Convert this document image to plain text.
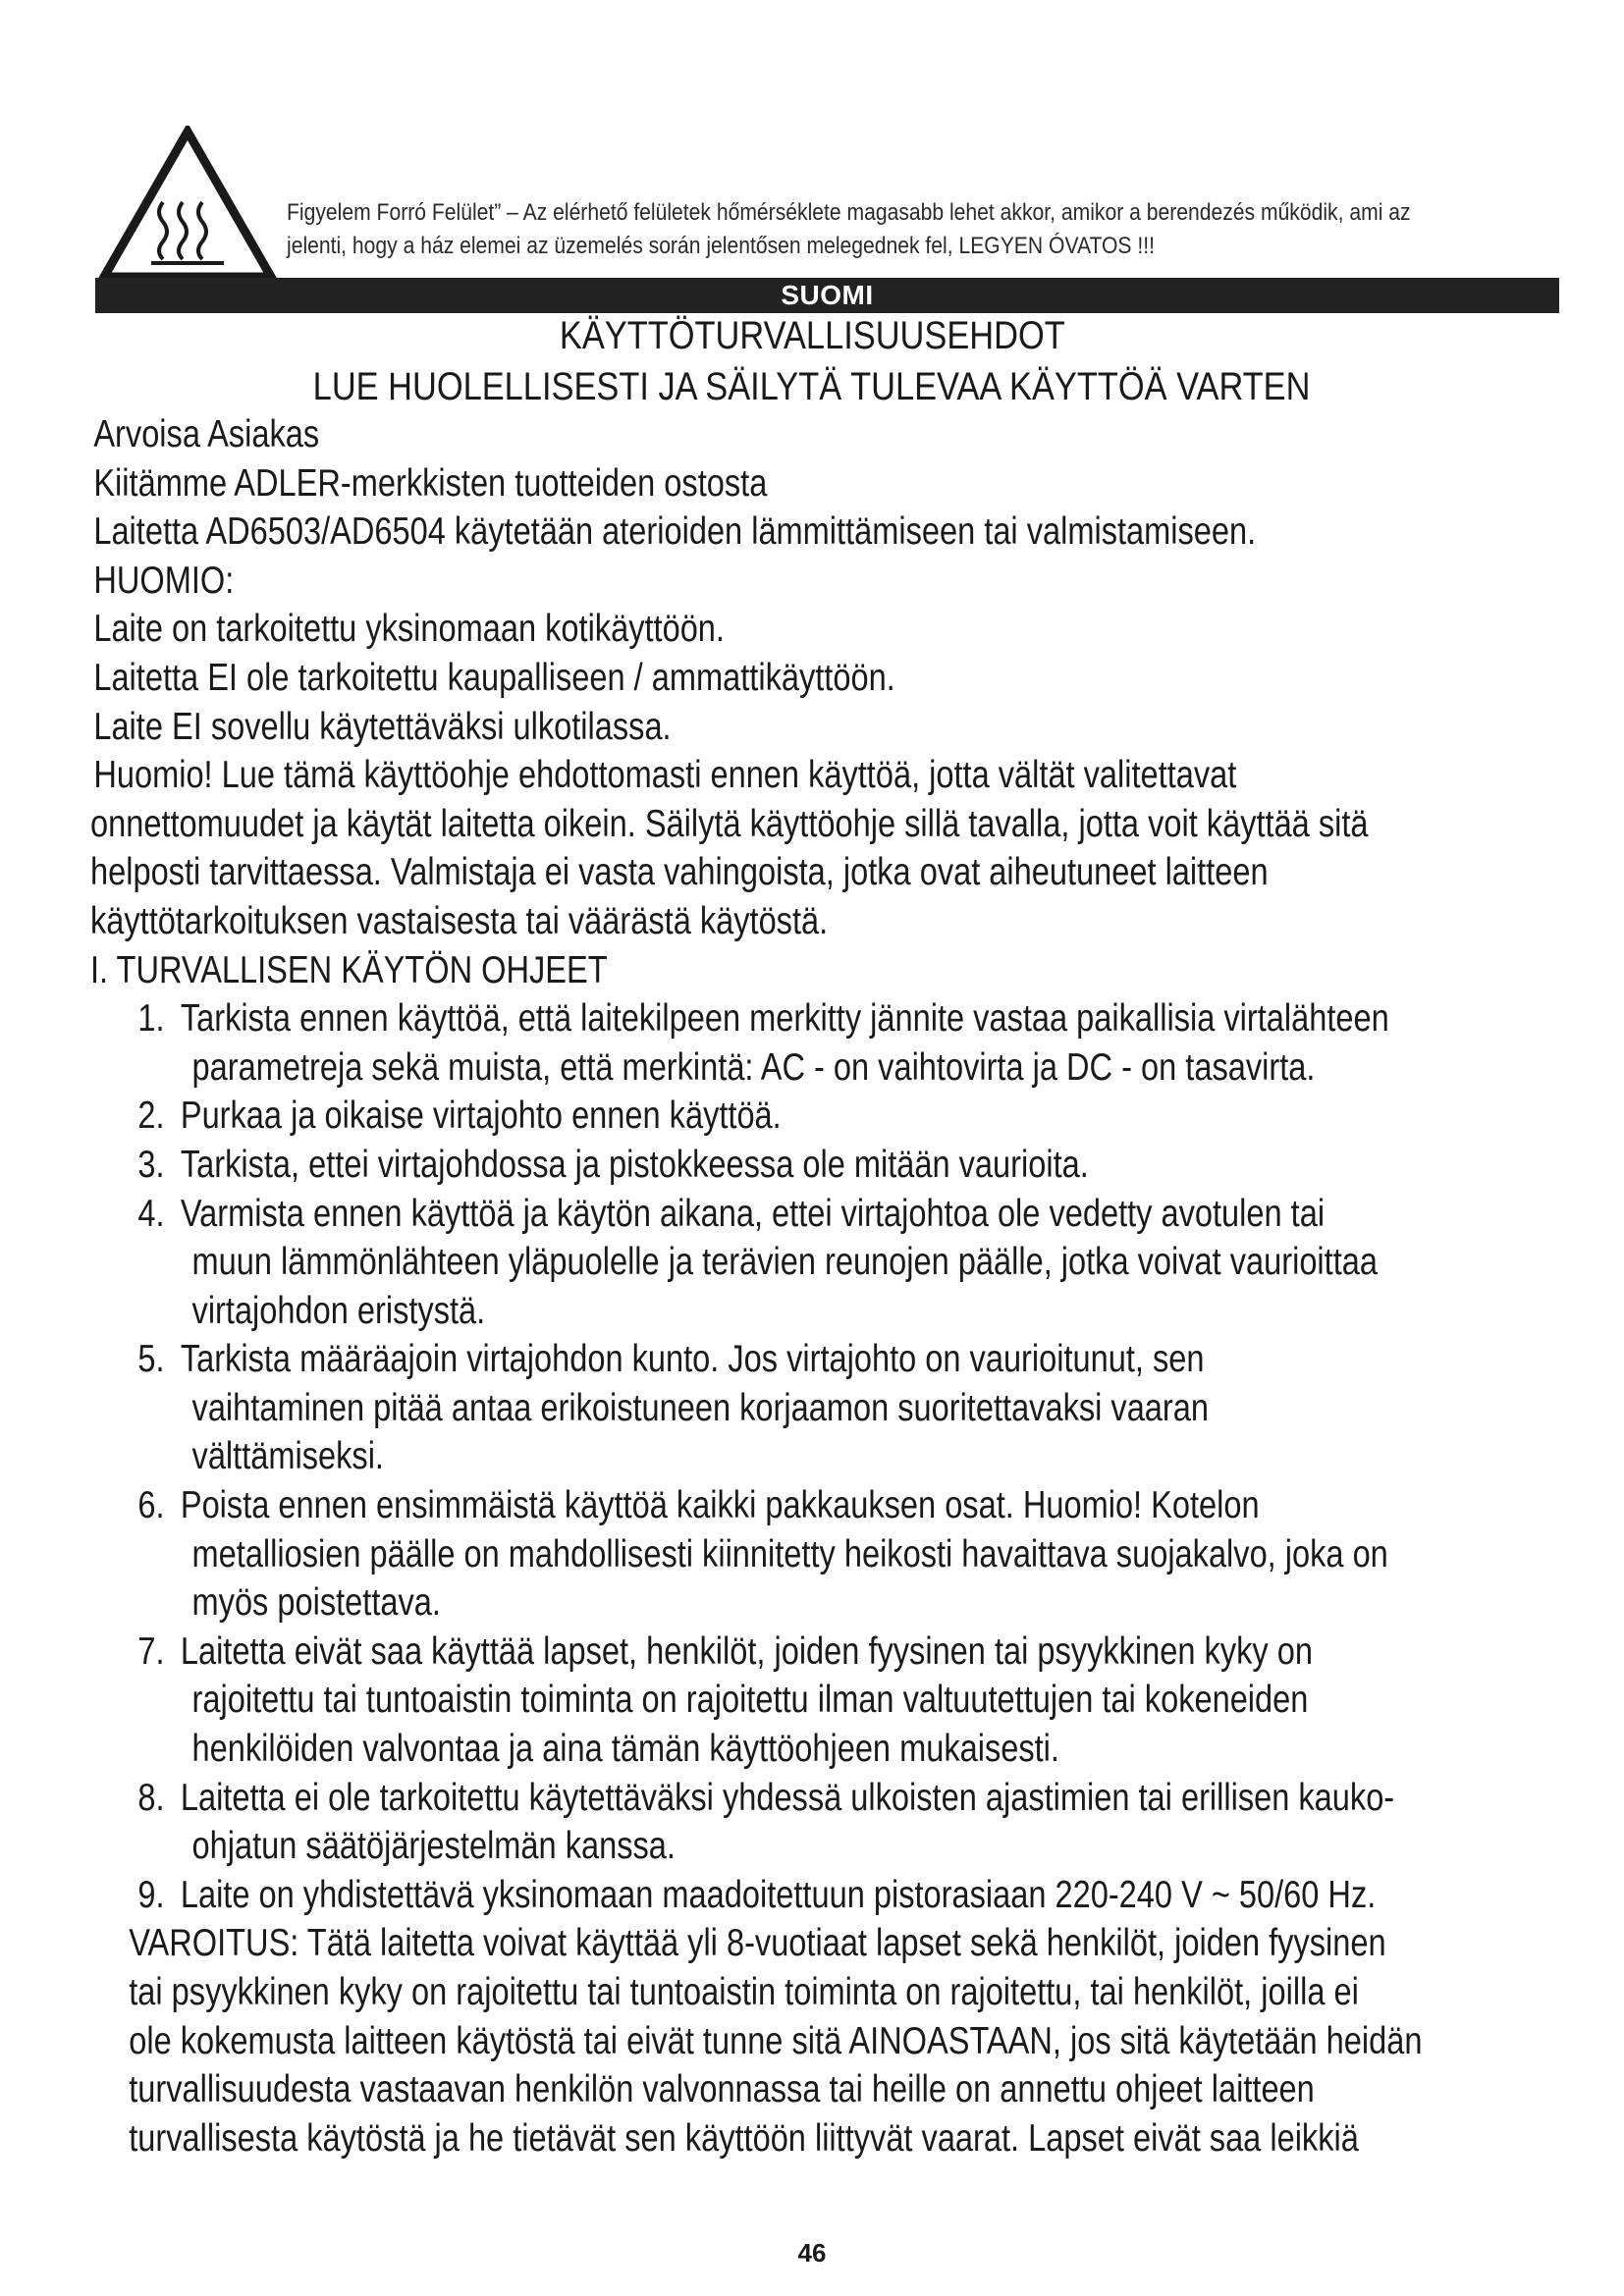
Figyelem Forró Felület” – Az elérhető felületek hőmérséklete magasabb lehet akkor, amikor a berendezés működik, ami az
jelenti, hogy a ház elemei az üzemelés során jelentősen melegednek fel, LEGYEN ÓVATOS !!!
SUOMI
KÄYTTÖTURVALLISUUSEHDOT
LUE HUOLELLISESTI JA SÄILYTÄ TULEVAA KÄYTTÖÄ VARTEN

Arvoisa Asiakas

Kiitämme ADLER-merkkisten tuotteiden ostosta

Laitetta AD6503/AD6504 käytetään aterioiden lämmittämiseen tai valmistamiseen.

HUOMIO:

Laite on tarkoitettu yksinomaan kotikäyttöön.

Laitetta EI ole tarkoitettu kaupalliseen / ammattikäyttöön.

Laite EI sovellu käytettäväksi ulkotilassa.

Huomio! Lue tämä käyttöohje ehdottomasti ennen käyttöä, jotta vältät valitettavat

onnettomuudet ja käytät laitetta oikein. Säilytä käyttöohje sillä tavalla, jotta voit käyttää sitä

helposti tarvittaessa. Valmistaja ei vasta vahingoista, jotka ovat aiheutuneet laitteen

käyttötarkoituksen vastaisesta tai väärästä käytöstä.

I. TURVALLISEN KÄYTÖN OHJEET

1. Tarkista ennen käyttöä, että laitekilpeen merkitty jännite vastaa paikallisia virtalähteen
parametreja sekä muista, että merkintä: AC - on vaihtovirta ja DC - on tasavirta.
2. Purkaa ja oikaise virtajohto ennen käyttöä.
3. Tarkista, ettei virtajohdossa ja pistokkeessa ole mitään vaurioita.
4. Varmista ennen käyttöä ja käytön aikana, ettei virtajohtoa ole vedetty avotulen tai
muun lämmönlähteen yläpuolelle ja terävien reunojen päälle, jotka voivat vaurioittaa
virtajohdon eristystä.
5. Tarkista määräajoin virtajohdon kunto. Jos virtajohto on vaurioitunut, sen
vaihtaminen pitää antaa erikoistuneen korjaamon suoritettavaksi vaaran
välttämiseksi.
6. Poista ennen ensimmäistä käyttöä kaikki pakkauksen osat. Huomio! Kotelon
metalliosien päälle on mahdollisesti kiinnitetty heikosti havaittava suojakalvo, joka on
myös poistettava.
7. Laitetta eivät saa käyttää lapset, henkilöt, joiden fyysinen tai psyykkinen kyky on
rajoitettu tai tuntoaistin toiminta on rajoitettu ilman valtuutettujen tai kokeneiden
henkilöiden valvontaa ja aina tämän käyttöohjeen mukaisesti.
8. Laitetta ei ole tarkoitettu käytettäväksi yhdessä ulkoisten ajastimien tai erillisen kauko-
ohjatun säätöjärjestelmän kanssa.
9. Laite on yhdistettävä yksinomaan maadoitettuun pistorasiaan 220-240 V ~ 50/60 Hz.

VAROITUS: Tätä laitetta voivat käyttää yli 8-vuotiaat lapset sekä henkilöt, joiden fyysinen

tai psyykkinen kyky on rajoitettu tai tuntoaistin toiminta on rajoitettu, tai henkilöt, joilla ei

ole kokemusta laitteen käytöstä tai eivät tunne sitä AINOASTAAN, jos sitä käytetään heidän

turvallisuudesta vastaavan henkilön valvonnassa tai heille on annettu ohjeet laitteen

turvallisesta käytöstä ja he tietävät sen käyttöön liittyvät vaarat. Lapset eivät saa leikkiä

46
